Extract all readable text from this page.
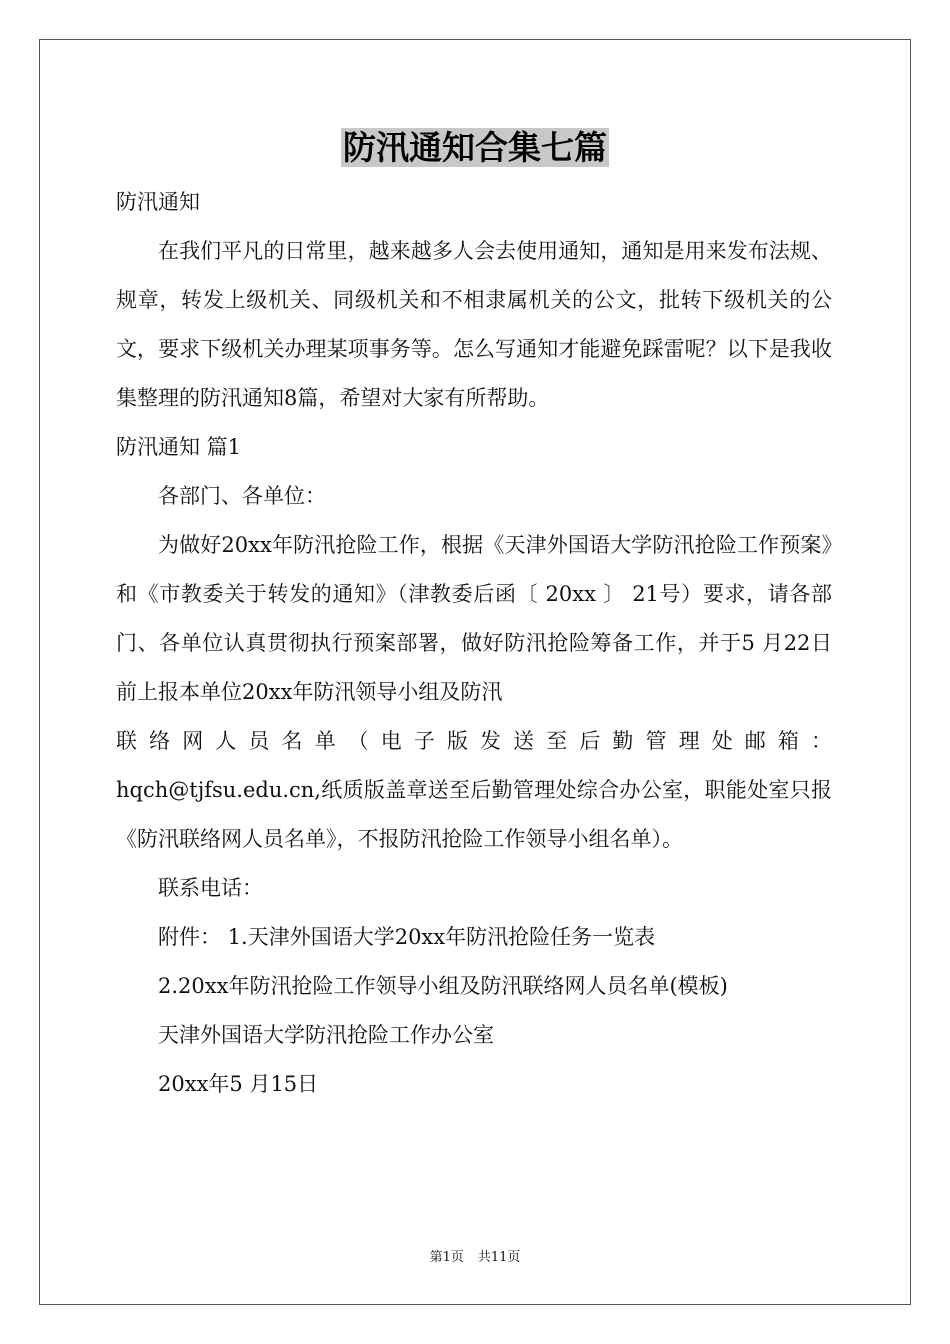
防汛通知合集七篇

防汛通知

在我们平凡的日常里，越来越多人会去使用通知，通知是用来发布法规、规章，转发上级机关、同级机关和不相隶属机关的公文，批转下级机关的公文，要求下级机关办理某项事务等。怎么写通知才能避免踩雷呢？以下是我收集整理的防汛通知8篇，希望对大家有所帮助。

防汛通知 篇1

各部门、各单位：

为做好20xx年防汛抢险工作，根据《天津外国语大学防汛抢险工作预案》和《市教委关于转发的通知》（津教委后函〔 20xx 〕 21号）要求，请各部门、各单位认真贯彻执行预案部署，做好防汛抢险筹备工作，并于5 月22日前上报本单位20xx年防汛领导小组及防汛

联络网人员名单（电子版发送至后勤管理处邮箱：

hqch@tjfsu.edu.cn,纸质版盖章送至后勤管理处综合办公室，职能处室只报《防汛联络网人员名单》，不报防汛抢险工作领导小组名单）。

联系电话：

附件： 1.天津外国语大学20xx年防汛抢险任务一览表

2.20xx年防汛抢险工作领导小组及防汛联络网人员名单(模板)

天津外国语大学防汛抢险工作办公室

20xx年5 月15日

第1页 共11页
